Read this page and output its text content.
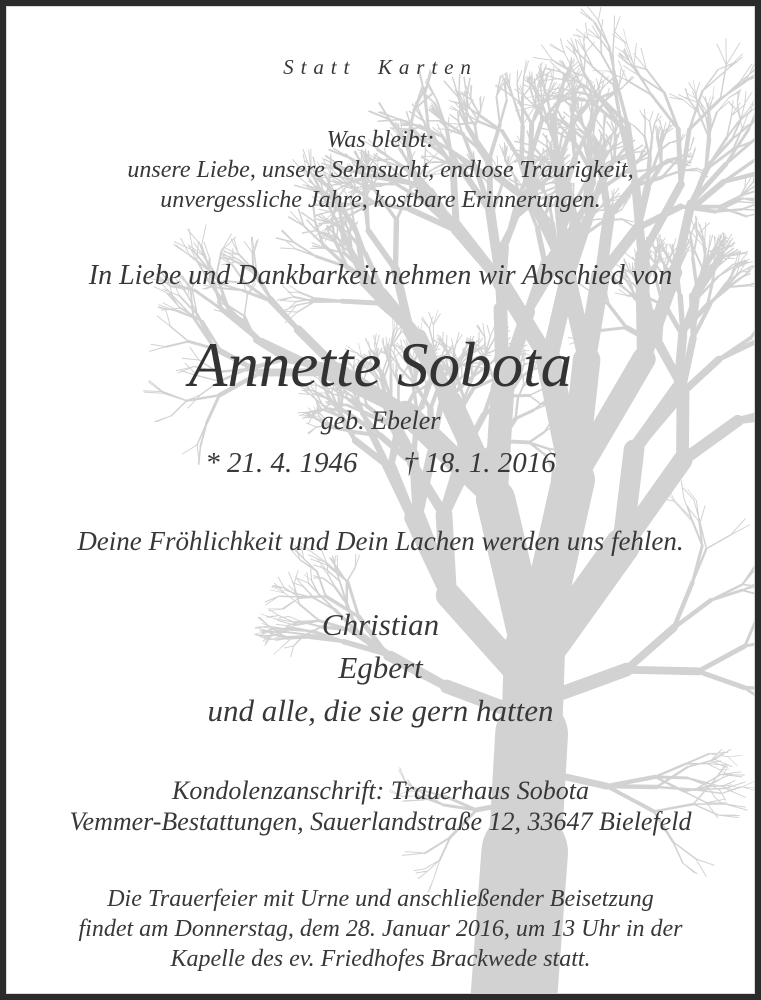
Statt Karten
Was bleibt:
unsere Liebe, unsere Sehnsucht, endlose Traurigkeit,
unvergessliche Jahre, kostbare Erinnerungen.
In Liebe und Dankbarkeit nehmen wir Abschied von
Annette Sobota
geb. Ebeler
* 21. 4. 1946 † 18. 1. 2016
Deine Fröhlichkeit und Dein Lachen werden uns fehlen.
Christian
Egbert
und alle, die sie gern hatten
Kondolenzanschrift: Trauerhaus Sobota
Vemmer-Bestattungen, Sauerlandstraße 12, 33647 Bielefeld
Die Trauerfeier mit Urne und anschließender Beisetzung
findet am Donnerstag, dem 28. Januar 2016, um 13 Uhr in der
Kapelle des ev. Friedhofes Brackwede statt.
